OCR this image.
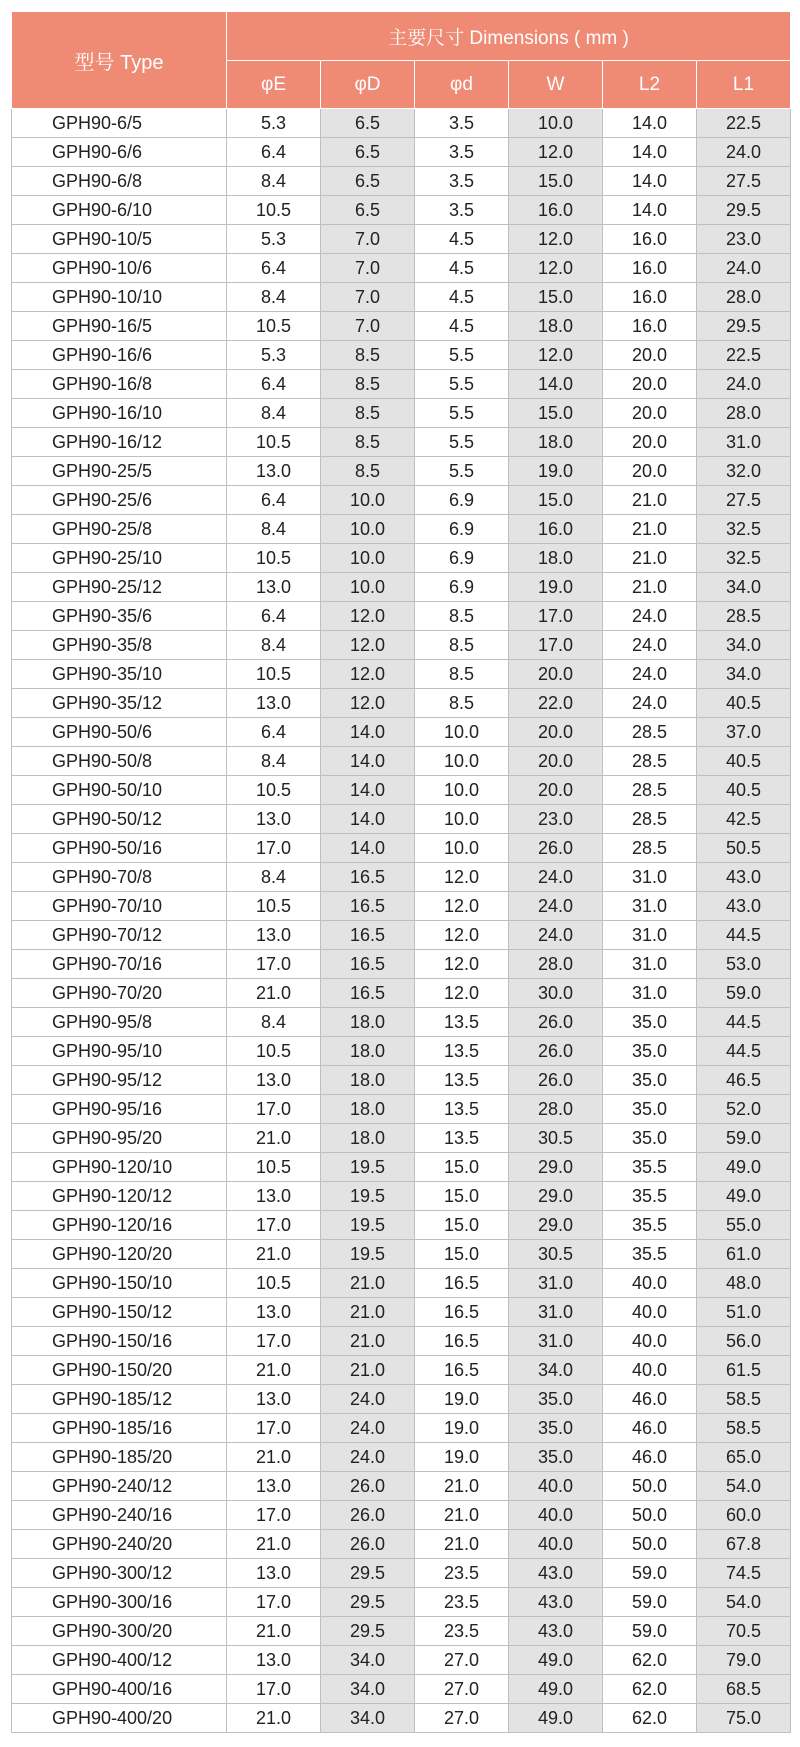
型号 Type	主要尺寸 Dimensions ( mm )					
	φE	φD	φd	W	L2	L1
GPH90-6/5	5.3	6.5	3.5	10.0	14.0	22.5
GPH90-6/6	6.4	6.5	3.5	12.0	14.0	24.0
GPH90-6/8	8.4	6.5	3.5	15.0	14.0	27.5
GPH90-6/10	10.5	6.5	3.5	16.0	14.0	29.5
GPH90-10/5	5.3	7.0	4.5	12.0	16.0	23.0
GPH90-10/6	6.4	7.0	4.5	12.0	16.0	24.0
GPH90-10/10	8.4	7.0	4.5	15.0	16.0	28.0
GPH90-16/5	10.5	7.0	4.5	18.0	16.0	29.5
GPH90-16/6	5.3	8.5	5.5	12.0	20.0	22.5
GPH90-16/8	6.4	8.5	5.5	14.0	20.0	24.0
GPH90-16/10	8.4	8.5	5.5	15.0	20.0	28.0
GPH90-16/12	10.5	8.5	5.5	18.0	20.0	31.0
GPH90-25/5	13.0	8.5	5.5	19.0	20.0	32.0
GPH90-25/6	6.4	10.0	6.9	15.0	21.0	27.5
GPH90-25/8	8.4	10.0	6.9	16.0	21.0	32.5
GPH90-25/10	10.5	10.0	6.9	18.0	21.0	32.5
GPH90-25/12	13.0	10.0	6.9	19.0	21.0	34.0
GPH90-35/6	6.4	12.0	8.5	17.0	24.0	28.5
GPH90-35/8	8.4	12.0	8.5	17.0	24.0	34.0
GPH90-35/10	10.5	12.0	8.5	20.0	24.0	34.0
GPH90-35/12	13.0	12.0	8.5	22.0	24.0	40.5
GPH90-50/6	6.4	14.0	10.0	20.0	28.5	37.0
GPH90-50/8	8.4	14.0	10.0	20.0	28.5	40.5
GPH90-50/10	10.5	14.0	10.0	20.0	28.5	40.5
GPH90-50/12	13.0	14.0	10.0	23.0	28.5	42.5
GPH90-50/16	17.0	14.0	10.0	26.0	28.5	50.5
GPH90-70/8	8.4	16.5	12.0	24.0	31.0	43.0
GPH90-70/10	10.5	16.5	12.0	24.0	31.0	43.0
GPH90-70/12	13.0	16.5	12.0	24.0	31.0	44.5
GPH90-70/16	17.0	16.5	12.0	28.0	31.0	53.0
GPH90-70/20	21.0	16.5	12.0	30.0	31.0	59.0
GPH90-95/8	8.4	18.0	13.5	26.0	35.0	44.5
GPH90-95/10	10.5	18.0	13.5	26.0	35.0	44.5
GPH90-95/12	13.0	18.0	13.5	26.0	35.0	46.5
GPH90-95/16	17.0	18.0	13.5	28.0	35.0	52.0
GPH90-95/20	21.0	18.0	13.5	30.5	35.0	59.0
GPH90-120/10	10.5	19.5	15.0	29.0	35.5	49.0
GPH90-120/12	13.0	19.5	15.0	29.0	35.5	49.0
GPH90-120/16	17.0	19.5	15.0	29.0	35.5	55.0
GPH90-120/20	21.0	19.5	15.0	30.5	35.5	61.0
GPH90-150/10	10.5	21.0	16.5	31.0	40.0	48.0
GPH90-150/12	13.0	21.0	16.5	31.0	40.0	51.0
GPH90-150/16	17.0	21.0	16.5	31.0	40.0	56.0
GPH90-150/20	21.0	21.0	16.5	34.0	40.0	61.5
GPH90-185/12	13.0	24.0	19.0	35.0	46.0	58.5
GPH90-185/16	17.0	24.0	19.0	35.0	46.0	58.5
GPH90-185/20	21.0	24.0	19.0	35.0	46.0	65.0
GPH90-240/12	13.0	26.0	21.0	40.0	50.0	54.0
GPH90-240/16	17.0	26.0	21.0	40.0	50.0	60.0
GPH90-240/20	21.0	26.0	21.0	40.0	50.0	67.8
GPH90-300/12	13.0	29.5	23.5	43.0	59.0	74.5
GPH90-300/16	17.0	29.5	23.5	43.0	59.0	54.0
GPH90-300/20	21.0	29.5	23.5	43.0	59.0	70.5
GPH90-400/12	13.0	34.0	27.0	49.0	62.0	79.0
GPH90-400/16	17.0	34.0	27.0	49.0	62.0	68.5
GPH90-400/20	21.0	34.0	27.0	49.0	62.0	75.0
